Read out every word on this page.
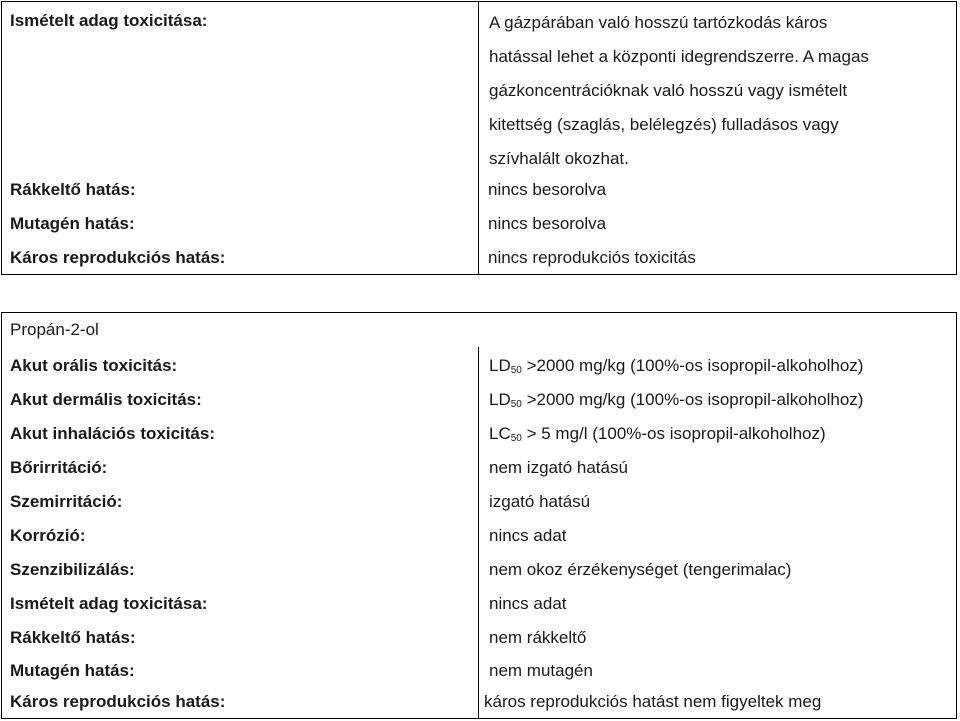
Ismételt adag toxicitása:	A gázpárában való hosszú tartózkodás káros
hatással lehet a központi idegrendszerre. A magas
gázkoncentrációknak való hosszú vagy ismételt
kitettség (szaglás, belélegzés) fulladásos vagy
szívhalált okozhat.
Rákkeltő hatás:	nincs besorolva
Mutagén hatás:	nincs besorolva
Káros reprodukciós hatás:	nincs reprodukciós toxicitás
Propán-2-ol
Akut orális toxicitás:	$LD_{50} >2000$ mg/kg (100%-os isopropil-alkoholhoz)
Akut dermális toxicitás:	$LD_{50} >2000$ mg/kg (100%-os isopropil-alkoholhoz)
Akut inhalációs toxicitás:	$LC_{50} > 5$ mg/l (100%-os isopropil-alkoholhoz)
Bőrirritáció:	nem izgató hatású
Szemirritáció:	izgató hatású
Korrózió:	nincs adat
Szenzibilizálás:	nem okoz érzékenységet (tengerimalac)
Ismételt adag toxicitása:	nincs adat
Rákkeltő hatás:	nem rákkeltő
Mutagén hatás:	nem mutagén
Káros reprodukciós hatás:	káros reprodukciós hatást nem figyeltek meg
